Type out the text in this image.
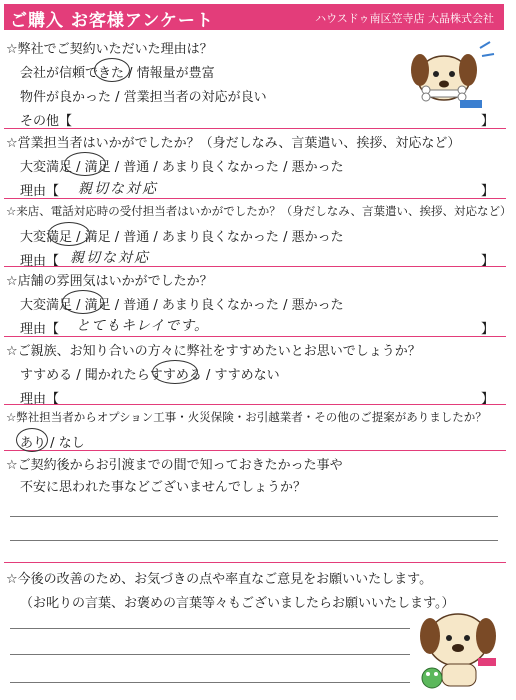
ご購入 お客様アンケート	ハウスドゥ南区笠寺店 大晶株式会社
☆弊社でご契約いただいた理由は？
会社が信頼できた / 情報量が豊富
物件が良かった / 営業担当者の対応が良い
その他【	】
☆営業担当者はいかがでしたか？（身だしなみ、言葉遣い、挨拶、対応など）
大変満足 / 満足 / 普通 / あまり良くなかった / 悪かった
理由【 親切な対応	】
☆来店、電話対応時の受付担当者はいかがでしたか？（身だしなみ、言葉遣い、挨拶、対応など）
大変満足 / 満足 / 普通 / あまり良くなかった / 悪かった
理由【 親切な対応	】
☆店舗の雰囲気はいかがでしたか？
大変満足 / 満足 / 普通 / あまり良くなかった / 悪かった
理由【 とてもキレイです。	】
☆ご親族、お知り合いの方々に弊社をすすめたいとお思いでしょうか？
すすめる / 聞かれたらすすめる / すすめない
理由【	】
☆弊社担当者からオプション工事・火災保険・お引越業者・その他のご提案がありましたか？
あり / なし
☆ご契約後からお引渡までの間で知っておきたかった事や
不安に思われた事などございませんでしょうか？
☆今後の改善のため、お気づきの点や率直なご意見をお願いいたします。
（お叱りの言葉、お褒めの言葉等々もございましたらお願いいたします。）
